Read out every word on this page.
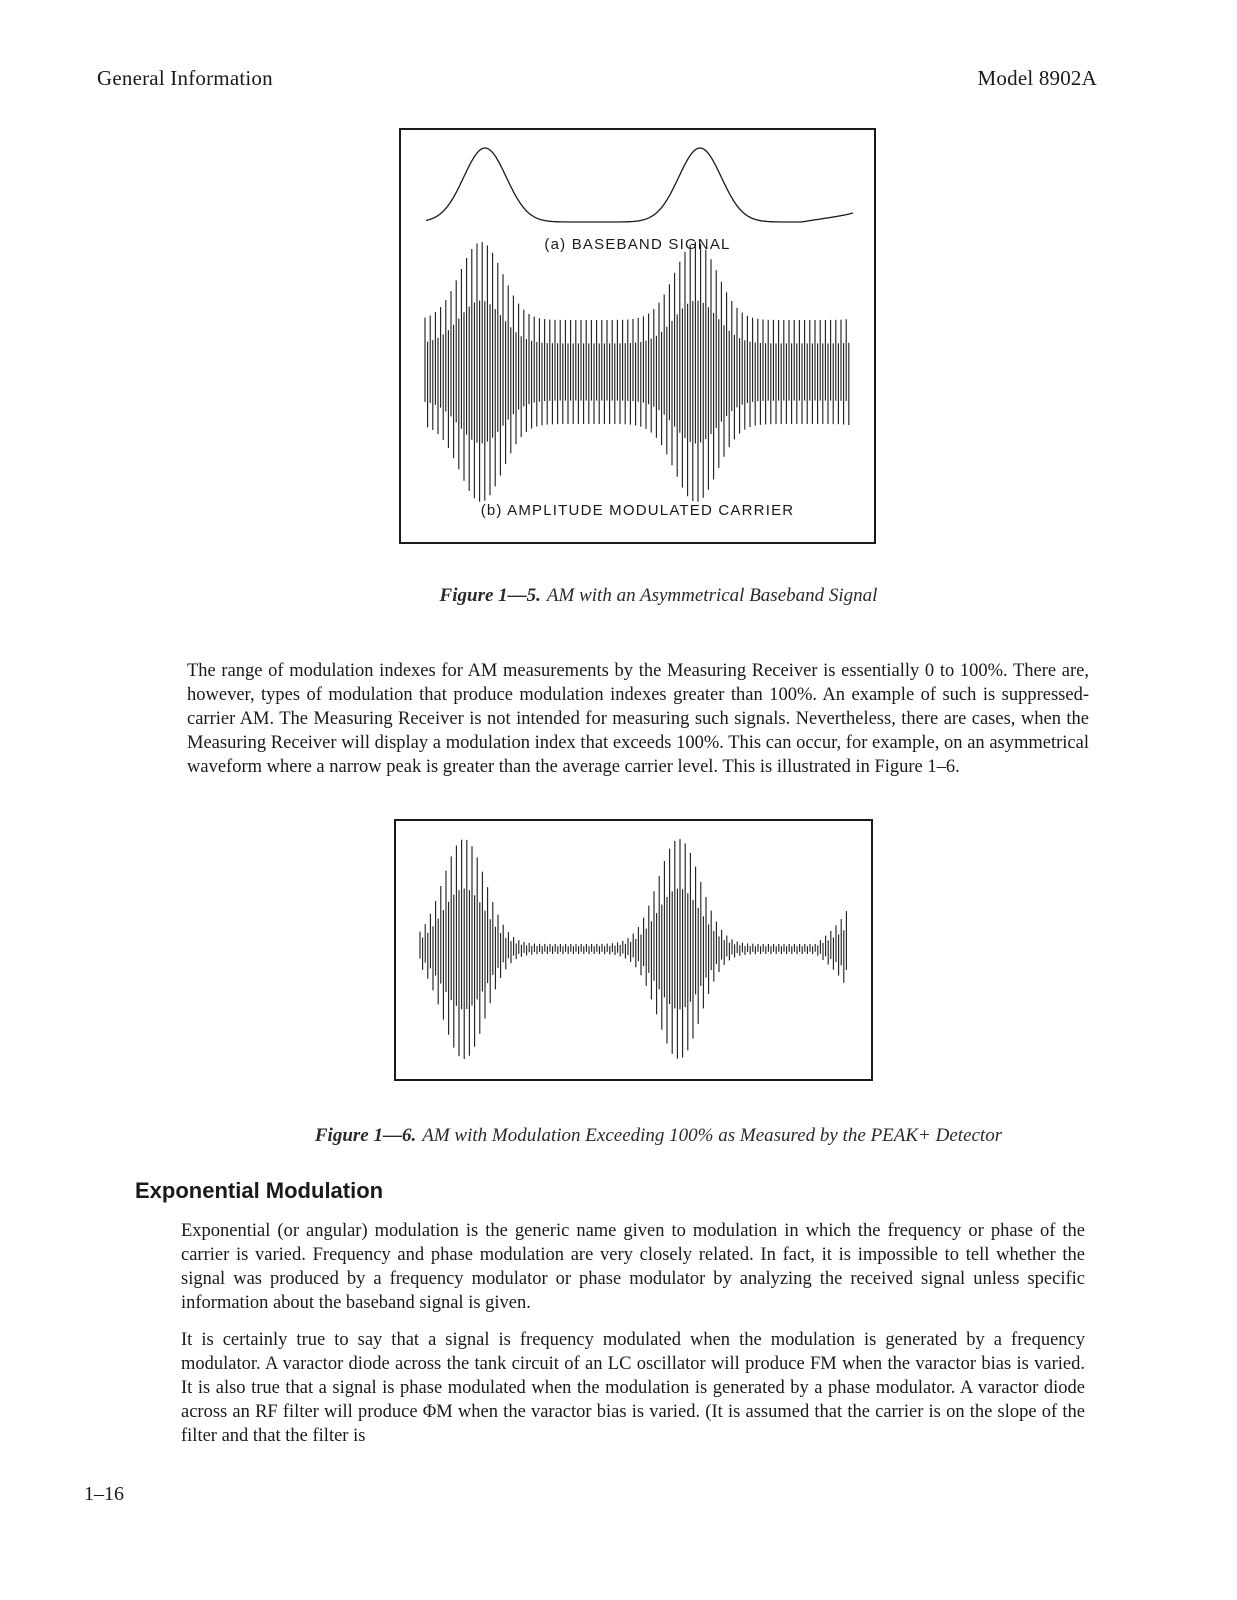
General Information	Model 8902A
(a) BASEBAND SIGNAL
(b) AMPLITUDE MODULATED CARRIER
Figure 1—5. AM with an Asymmetrical Baseband Signal

The range of modulation indexes for AM measurements by the Measuring Receiver is essentially 0 to 100%. There are, however, types of modulation that produce modulation indexes greater than 100%. An example of such is suppressed-carrier AM. The Measuring Receiver is not intended for measuring such signals. Nevertheless, there are cases, when the Measuring Receiver will display a modulation index that exceeds 100%. This can occur, for example, on an asymmetrical waveform where a narrow peak is greater than the average carrier level. This is illustrated in Figure 1–6.

Figure 1—6. AM with Modulation Exceeding 100% as Measured by the PEAK+ Detector
Exponential Modulation

Exponential (or angular) modulation is the generic name given to modulation in which the frequency or phase of the carrier is varied. Frequency and phase modulation are very closely related. In fact, it is impossible to tell whether the signal was produced by a frequency modulator or phase modulator by analyzing the received signal unless specific information about the baseband signal is given.

It is certainly true to say that a signal is frequency modulated when the modulation is generated by a frequency modulator. A varactor diode across the tank circuit of an LC oscillator will produce FM when the varactor bias is varied. It is also true that a signal is phase modulated when the modulation is generated by a phase modulator. A varactor diode across an RF filter will produce ΦM when the varactor bias is varied. (It is assumed that the carrier is on the slope of the filter and that the filter is

1–16
